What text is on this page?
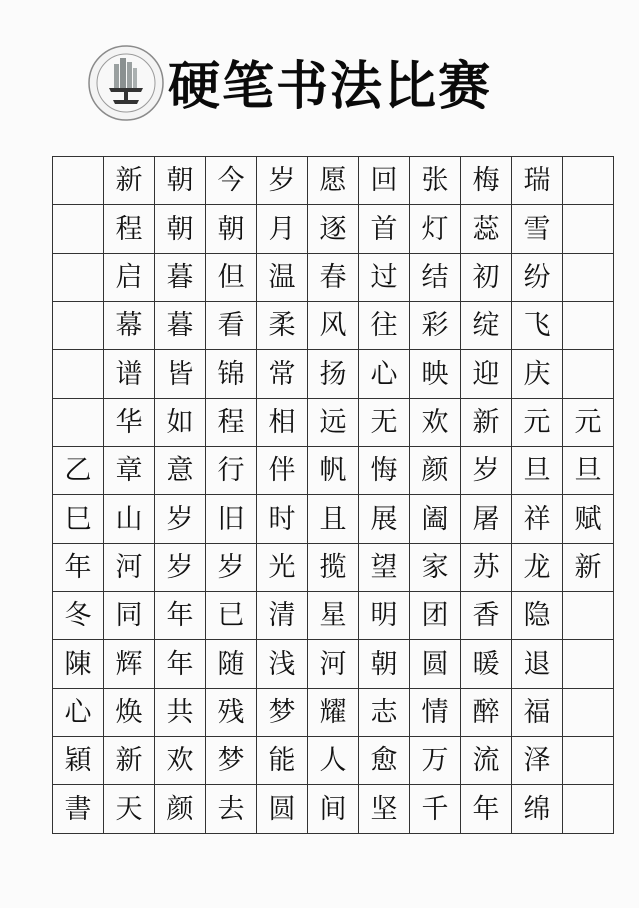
硬笔书法比赛
	新	朝	今	岁	愿	回	张	梅	瑞	
	程	朝	朝	月	逐	首	灯	蕊	雪	
	启	暮	但	温	春	过	结	初	纷	
	幕	暮	看	柔	风	往	彩	绽	飞	
	谱	皆	锦	常	扬	心	映	迎	庆	
	华	如	程	相	远	无	欢	新	元	元
乙	章	意	行	伴	帆	悔	颜	岁	旦	旦
巳	山	岁	旧	时	且	展	阖	屠	祥	赋
年	河	岁	岁	光	揽	望	家	苏	龙	新
冬	同	年	已	清	星	明	团	香	隐	
陳	辉	年	随	浅	河	朝	圆	暖	退	
心	焕	共	残	梦	耀	志	情	醉	福	
穎	新	欢	梦	能	人	愈	万	流	泽	
書	天	颜	去	圆	间	坚	千	年	绵	
